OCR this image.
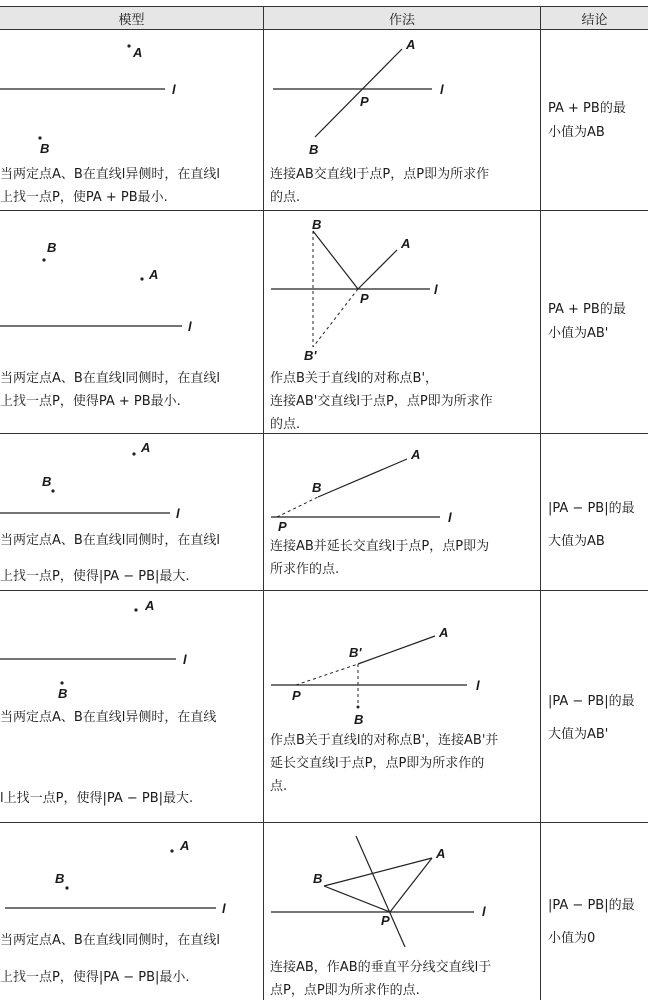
模型	作法	结论
A
l
B
A
l
P
B
当两定点A、B在直线l异侧时，在直线l
上找一点P，使PA + PB最小.
连接AB交直线l于点P，点P即为所求作
的点.
PA + PB的最
小值为AB
B
A
l
B
A
l
P
B'
当两定点A、B在直线l同侧时，在直线l
上找一点P，使得PA + PB最小.
作点B关于直线l的对称点B'，
连接AB'交直线l于点P，点P即为所求作
的点.
PA + PB的最
小值为AB'
A
B
l
A
B
l
P
当两定点A、B在直线l同侧时，在直线l
上找一点P，使得|PA − PB|最大.
连接AB并延长交直线l于点P，点P即为
所求作的点.
|PA − PB|的最
大值为AB
A
l
B
A
B'
l
P
B
当两定点A、B在直线l异侧时，在直线
l上找一点P，使得|PA − PB|最大.
作点B关于直线l的对称点B'，连接AB'并
延长交直线l于点P，点P即为所求作的
点.
|PA − PB|的最
大值为AB'
A
B
l
A
B
l
P
当两定点A、B在直线l同侧时，在直线l
上找一点P，使得|PA − PB|最小.
连接AB，作AB的垂直平分线交直线l于
点P，点P即为所求作的点.
|PA − PB|的最
小值为0
